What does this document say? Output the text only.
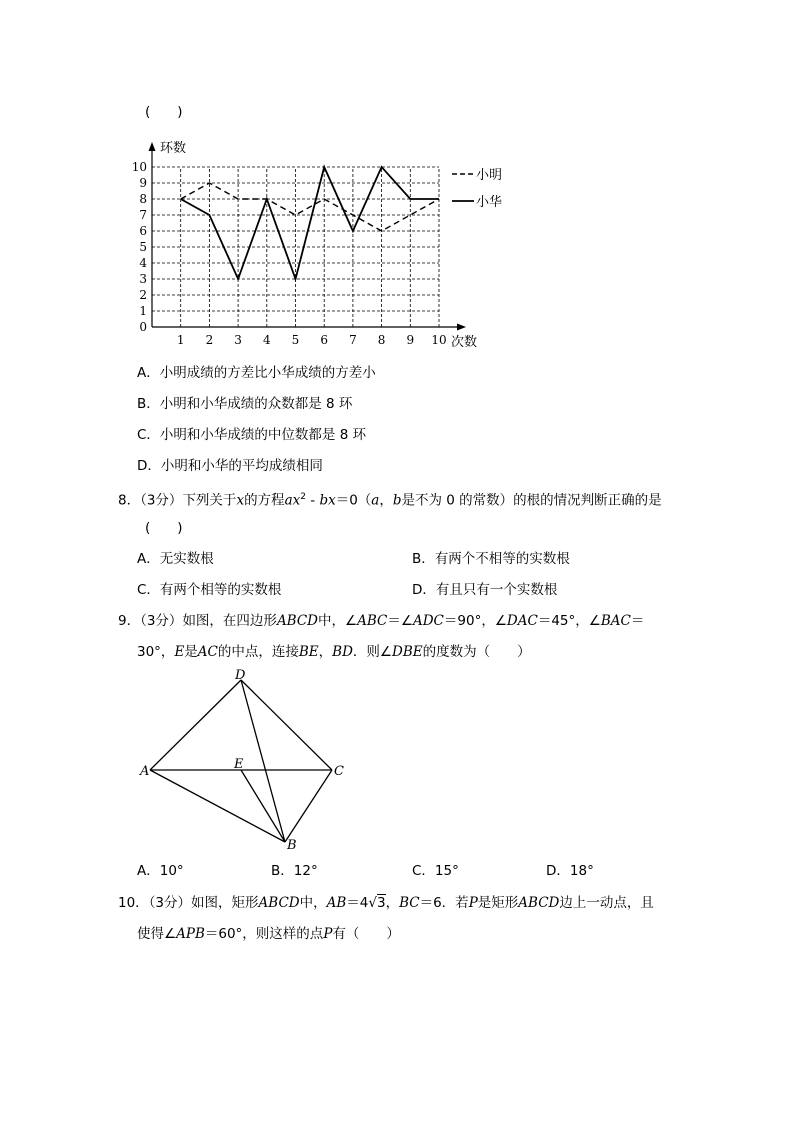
(　　)
0
1
2
3
4
5
6
7
8
9
10
1 2 3 4 5 6 7 8 9 10
环数
次数
小明
小华
A．小明成绩的方差比小华成绩的方差小
B．小明和小华成绩的众数都是 8 环
C．小明和小华成绩的中位数都是 8 环
D．小明和小华的平均成绩相同
8．（3分）下列关于x的方程$ax^2 - bx=0(a$，b是不为 0 的常数）的根的情况判断正确的是
(　　)
A．无实数根	B．有两个不相等的实数根
C．有两个相等的实数根	D．有且只有一个实数根
9．（3分）如图，在四边形ABCD中，∠ABC＝∠ADC＝90°，∠DAC＝45°，∠BAC＝
30°，E是AC的中点，连接BE，BD．则∠DBE的度数为（　　）
D
A	E	C
B
A．10°	B．12°	C．15°	D．18°
10．（3分）如图，矩形ABCD中，AB＝4√3，BC＝6．若P是矩形ABCD边上一动点，且
使得∠APB＝60°，则这样的点P有（　　）
